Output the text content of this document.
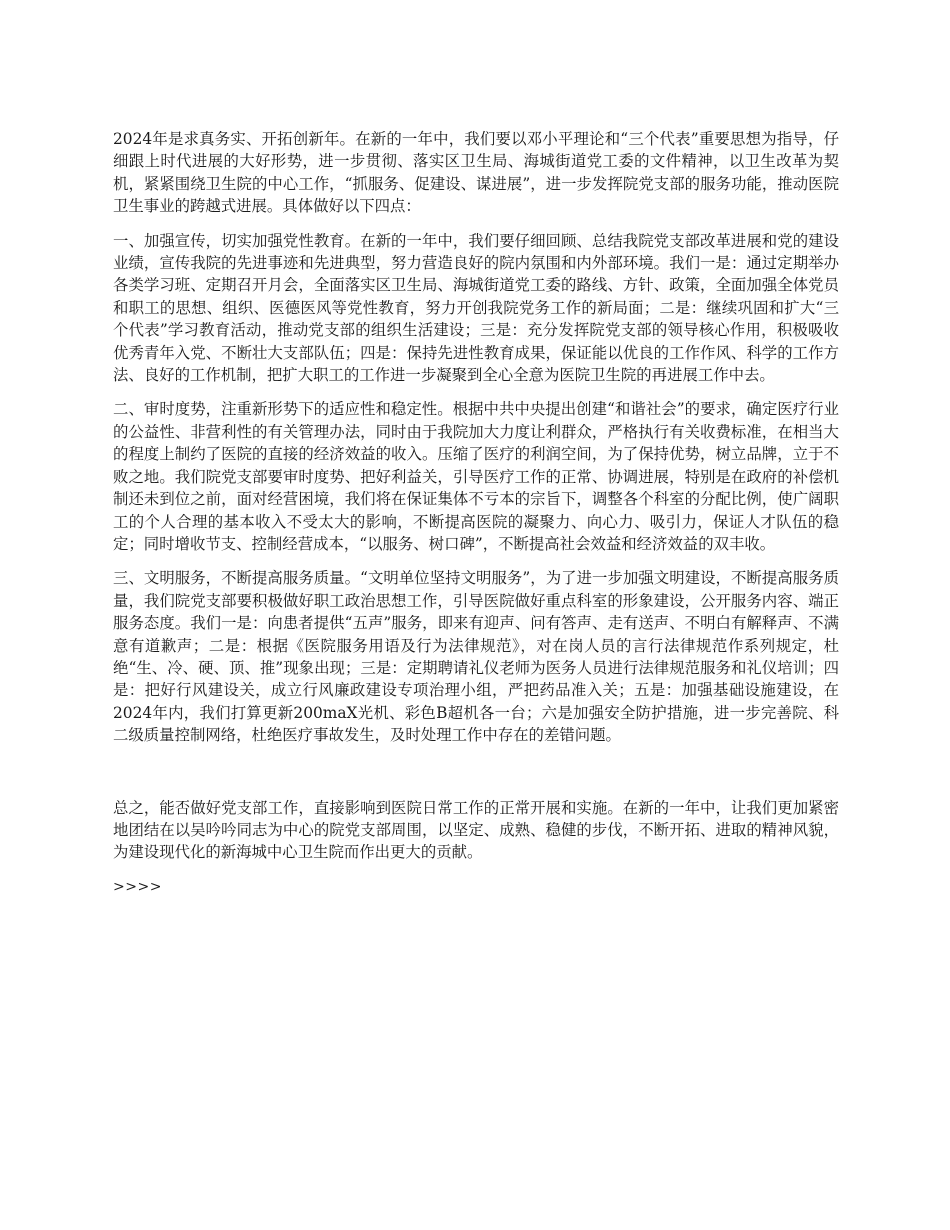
2024年是求真务实、开拓创新年。在新的一年中，我们要以邓小平理论和“三个代表”重要思想为指导，仔细跟上时代进展的大好形势，进一步贯彻、落实区卫生局、海城街道党工委的文件精神，以卫生改革为契机，紧紧围绕卫生院的中心工作，“抓服务、促建设、谋进展”，进一步发挥院党支部的服务功能，推动医院卫生事业的跨越式进展。具体做好以下四点：

一、加强宣传，切实加强党性教育。在新的一年中，我们要仔细回顾、总结我院党支部改革进展和党的建设业绩，宣传我院的先进事迹和先进典型，努力营造良好的院内氛围和内外部环境。我们一是：通过定期举办各类学习班、定期召开月会，全面落实区卫生局、海城街道党工委的路线、方针、政策，全面加强全体党员和职工的思想、组织、医德医风等党性教育，努力开创我院党务工作的新局面；二是：继续巩固和扩大“三个代表”学习教育活动，推动党支部的组织生活建设；三是：充分发挥院党支部的领导核心作用，积极吸收优秀青年入党、不断壮大支部队伍；四是：保持先进性教育成果，保证能以优良的工作作风、科学的工作方法、良好的工作机制，把扩大职工的工作进一步凝聚到全心全意为医院卫生院的再进展工作中去。

二、审时度势，注重新形势下的适应性和稳定性。根据中共中央提出创建“和谐社会”的要求，确定医疗行业的公益性、非营利性的有关管理办法，同时由于我院加大力度让利群众，严格执行有关收费标准，在相当大的程度上制约了医院的直接的经济效益的收入。压缩了医疗的利润空间，为了保持优势，树立品牌，立于不败之地。我们院党支部要审时度势、把好利益关，引导医疗工作的正常、协调进展，特别是在政府的补偿机制还未到位之前，面对经营困境，我们将在保证集体不亏本的宗旨下，调整各个科室的分配比例，使广阔职工的个人合理的基本收入不受太大的影响，不断提高医院的凝聚力、向心力、吸引力，保证人才队伍的稳定；同时增收节支、控制经营成本，“以服务、树口碑”，不断提高社会效益和经济效益的双丰收。

三、文明服务，不断提高服务质量。“文明单位坚持文明服务”，为了进一步加强文明建设，不断提高服务质量，我们院党支部要积极做好职工政治思想工作，引导医院做好重点科室的形象建设，公开服务内容、端正服务态度。我们一是：向患者提供“五声”服务，即来有迎声、问有答声、走有送声、不明白有解释声、不满意有道歉声；二是：根据《医院服务用语及行为法律规范》，对在岗人员的言行法律规范作系列规定，杜绝“生、冷、硬、顶、推”现象出现；三是：定期聘请礼仪老师为医务人员进行法律规范服务和礼仪培训；四是：把好行风建设关，成立行风廉政建设专项治理小组，严把药品准入关；五是：加强基础设施建设，在2024年内，我们打算更新200maX光机、彩色B超机各一台；六是加强安全防护措施，进一步完善院、科二级质量控制网络，杜绝医疗事故发生，及时处理工作中存在的差错问题。

总之，能否做好党支部工作，直接影响到医院日常工作的正常开展和实施。在新的一年中，让我们更加紧密地团结在以吴吟吟同志为中心的院党支部周围，以坚定、成熟、稳健的步伐，不断开拓、进取的精神风貌，为建设现代化的新海城中心卫生院而作出更大的贡献。

>>>>
